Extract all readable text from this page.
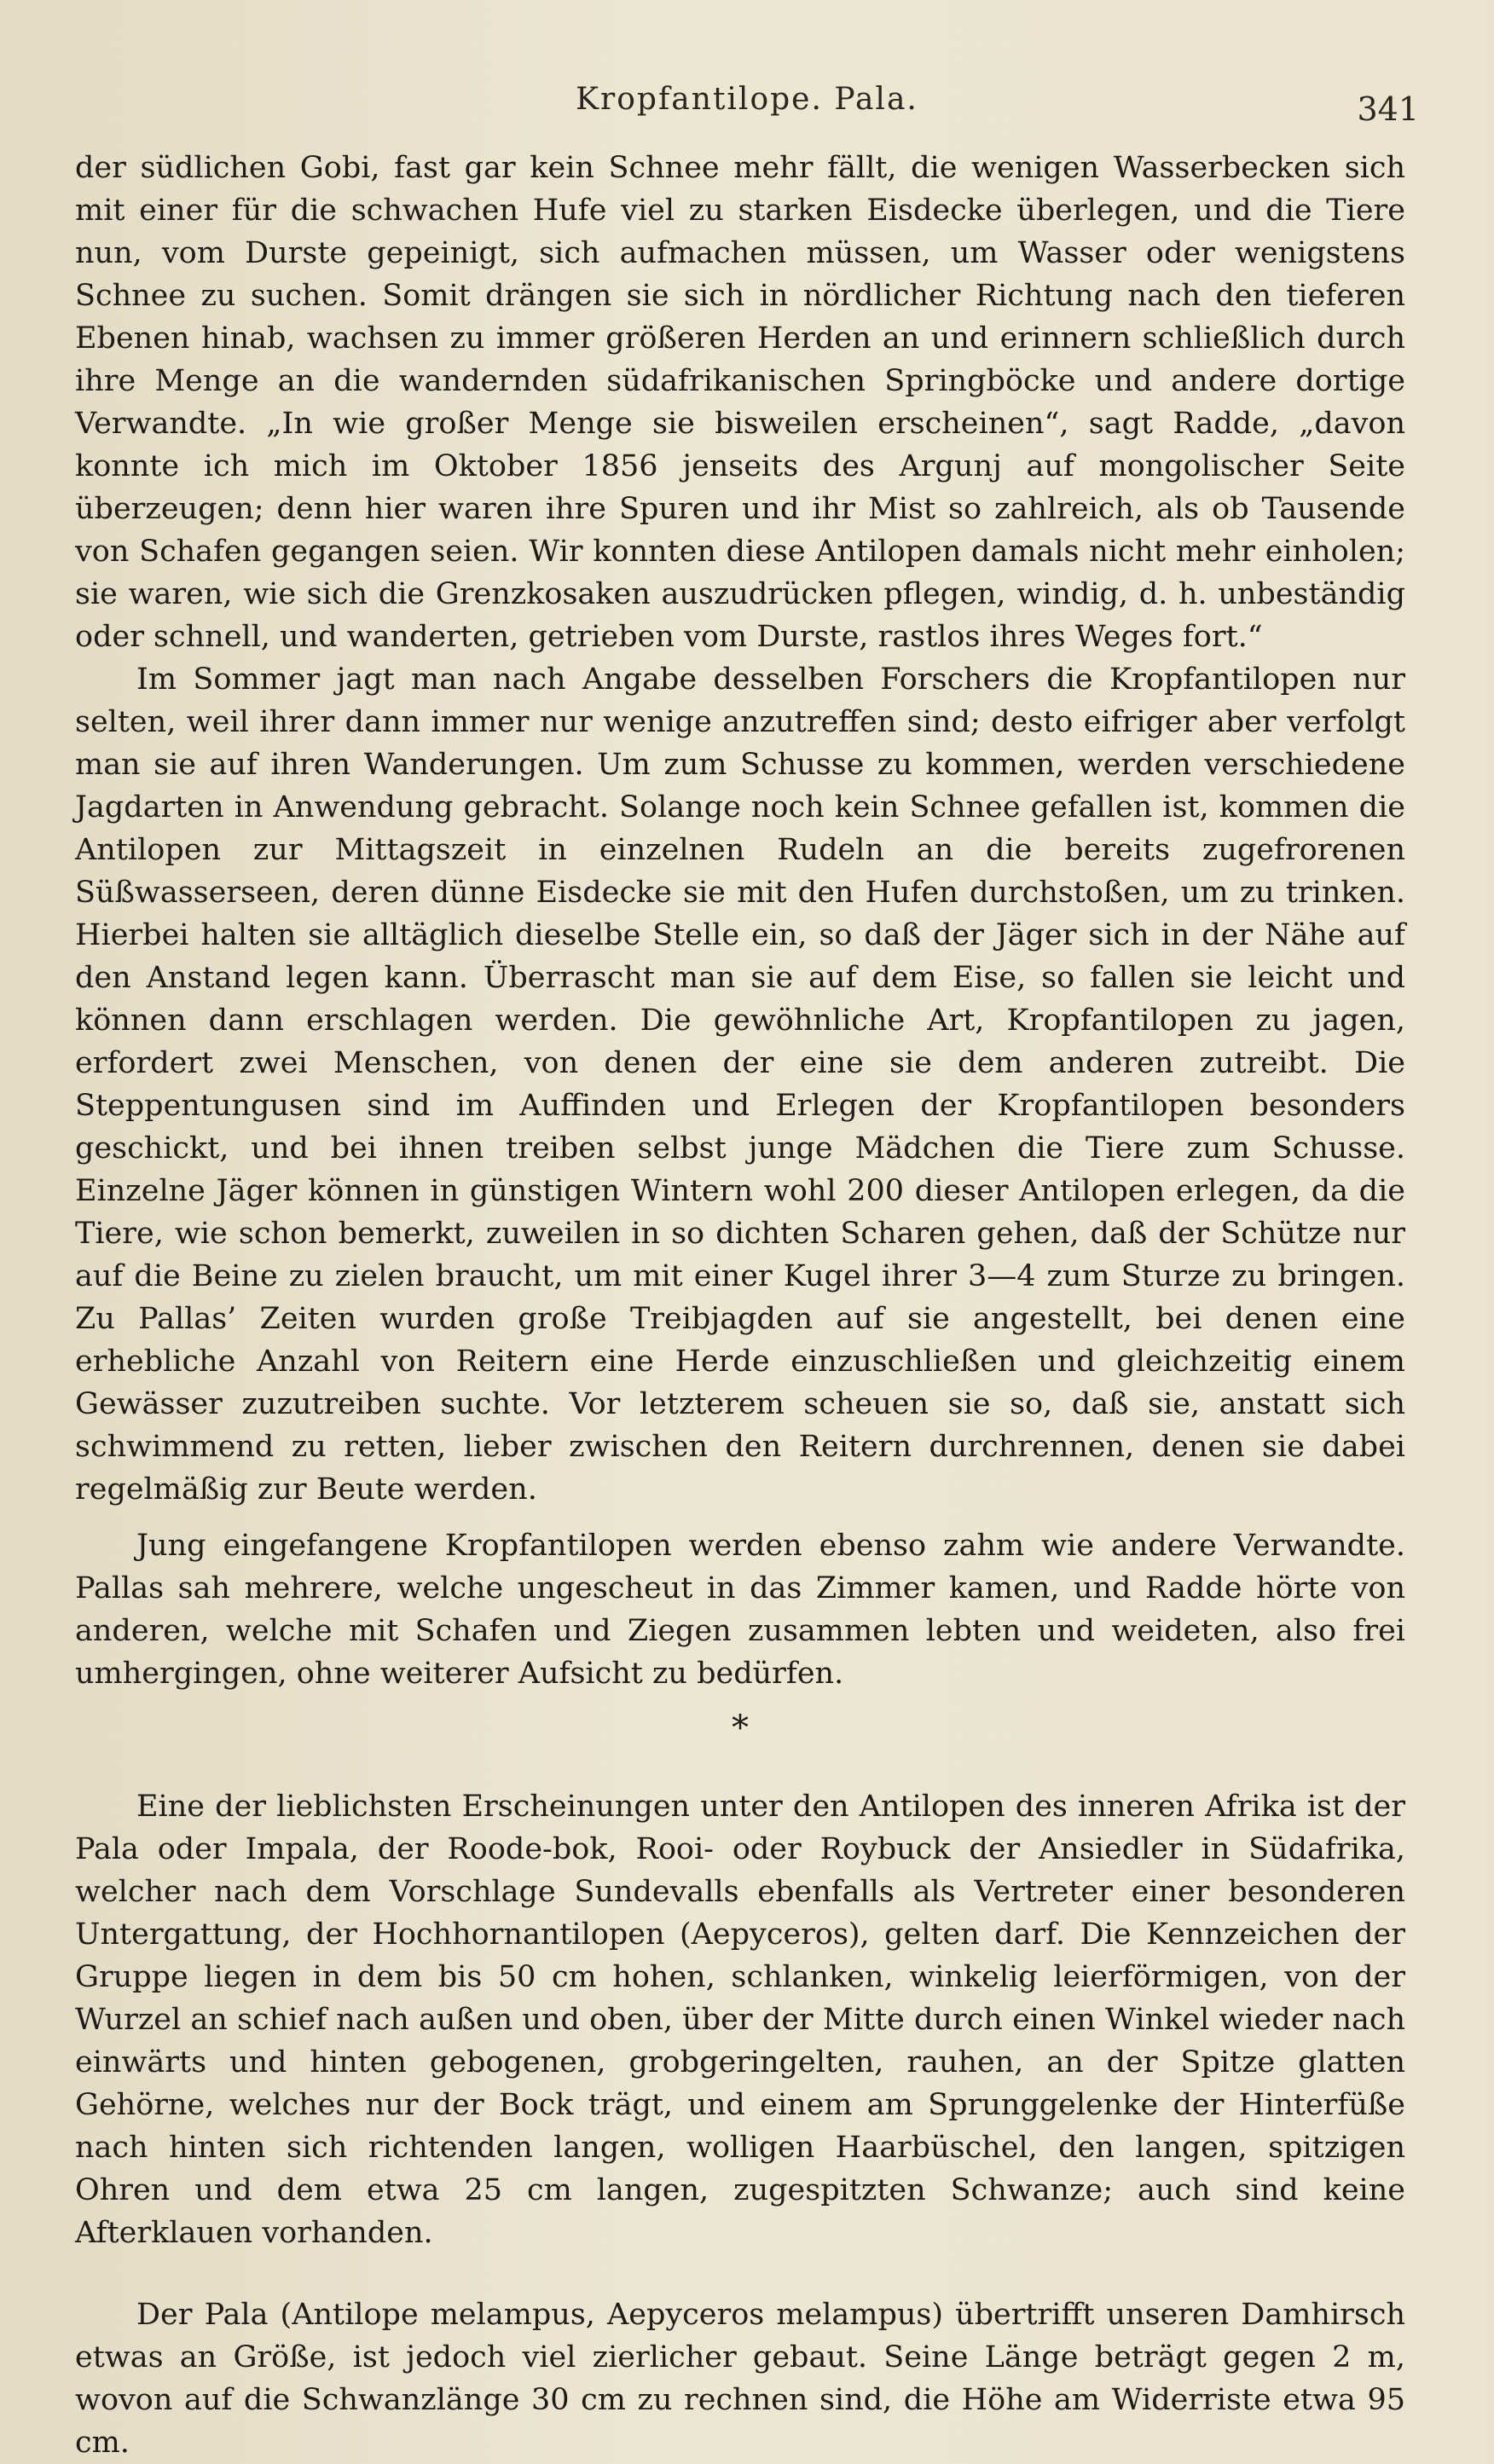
Kropfantilope. Pala.	341

der südlichen Gobi, fast gar kein Schnee mehr fällt, die wenigen Wasserbecken sich mit einer für die schwachen Hufe viel zu starken Eisdecke überlegen, und die Tiere nun, vom Durste gepeinigt, sich aufmachen müssen, um Wasser oder wenigstens Schnee zu suchen. Somit drängen sie sich in nördlicher Richtung nach den tieferen Ebenen hinab, wachsen zu immer größeren Herden an und erinnern schließlich durch ihre Menge an die wandernden südafrikanischen Springböcke und andere dortige Verwandte. „In wie großer Menge sie bisweilen erscheinen“, sagt Radde, „davon konnte ich mich im Oktober 1856 jenseits des Argunj auf mongolischer Seite überzeugen; denn hier waren ihre Spuren und ihr Mist so zahlreich, als ob Tausende von Schafen gegangen seien. Wir konnten diese Antilopen damals nicht mehr einholen; sie waren, wie sich die Grenzkosaken auszudrücken pflegen, windig, d. h. unbeständig oder schnell, und wanderten, getrieben vom Durste, rastlos ihres Weges fort.“

Im Sommer jagt man nach Angabe desselben Forschers die Kropfantilopen nur selten, weil ihrer dann immer nur wenige anzutreffen sind; desto eifriger aber verfolgt man sie auf ihren Wanderungen. Um zum Schusse zu kommen, werden verschiedene Jagdarten in Anwendung gebracht. Solange noch kein Schnee gefallen ist, kommen die Antilopen zur Mittagszeit in einzelnen Rudeln an die bereits zugefrorenen Süßwasserseen, deren dünne Eisdecke sie mit den Hufen durchstoßen, um zu trinken. Hierbei halten sie alltäglich dieselbe Stelle ein, so daß der Jäger sich in der Nähe auf den Anstand legen kann. Überrascht man sie auf dem Eise, so fallen sie leicht und können dann erschlagen werden. Die gewöhnliche Art, Kropfantilopen zu jagen, erfordert zwei Menschen, von denen der eine sie dem anderen zutreibt. Die Steppentungusen sind im Auffinden und Erlegen der Kropfantilopen besonders geschickt, und bei ihnen treiben selbst junge Mädchen die Tiere zum Schusse. Einzelne Jäger können in günstigen Wintern wohl 200 dieser Antilopen erlegen, da die Tiere, wie schon bemerkt, zuweilen in so dichten Scharen gehen, daß der Schütze nur auf die Beine zu zielen braucht, um mit einer Kugel ihrer 3—4 zum Sturze zu bringen. Zu Pallas’ Zeiten wurden große Treibjagden auf sie angestellt, bei denen eine erhebliche Anzahl von Reitern eine Herde einzuschließen und gleichzeitig einem Gewässer zuzutreiben suchte. Vor letzterem scheuen sie so, daß sie, anstatt sich schwimmend zu retten, lieber zwischen den Reitern durchrennen, denen sie dabei regelmäßig zur Beute werden.

Jung eingefangene Kropfantilopen werden ebenso zahm wie andere Verwandte. Pallas sah mehrere, welche ungescheut in das Zimmer kamen, und Radde hörte von anderen, welche mit Schafen und Ziegen zusammen lebten und weideten, also frei umhergingen, ohne weiterer Aufsicht zu bedürfen.

*

Eine der lieblichsten Erscheinungen unter den Antilopen des inneren Afrika ist der Pala oder Impala, der Roode-bok, Rooi- oder Roybuck der Ansiedler in Südafrika, welcher nach dem Vorschlage Sundevalls ebenfalls als Vertreter einer besonderen Untergattung, der Hochhornantilopen (Aepyceros), gelten darf. Die Kennzeichen der Gruppe liegen in dem bis 50 cm hohen, schlanken, winkelig leierförmigen, von der Wurzel an schief nach außen und oben, über der Mitte durch einen Winkel wieder nach einwärts und hinten gebogenen, grobgeringelten, rauhen, an der Spitze glatten Gehörne, welches nur der Bock trägt, und einem am Sprunggelenke der Hinterfüße nach hinten sich richtenden langen, wolligen Haarbüschel, den langen, spitzigen Ohren und dem etwa 25 cm langen, zugespitzten Schwanze; auch sind keine Afterklauen vorhanden.

Der Pala (Antilope melampus, Aepyceros melampus) übertrifft unseren Damhirsch etwas an Größe, ist jedoch viel zierlicher gebaut. Seine Länge beträgt gegen 2 m, wovon auf die Schwanzlänge 30 cm zu rechnen sind, die Höhe am Widerriste etwa 95 cm.
